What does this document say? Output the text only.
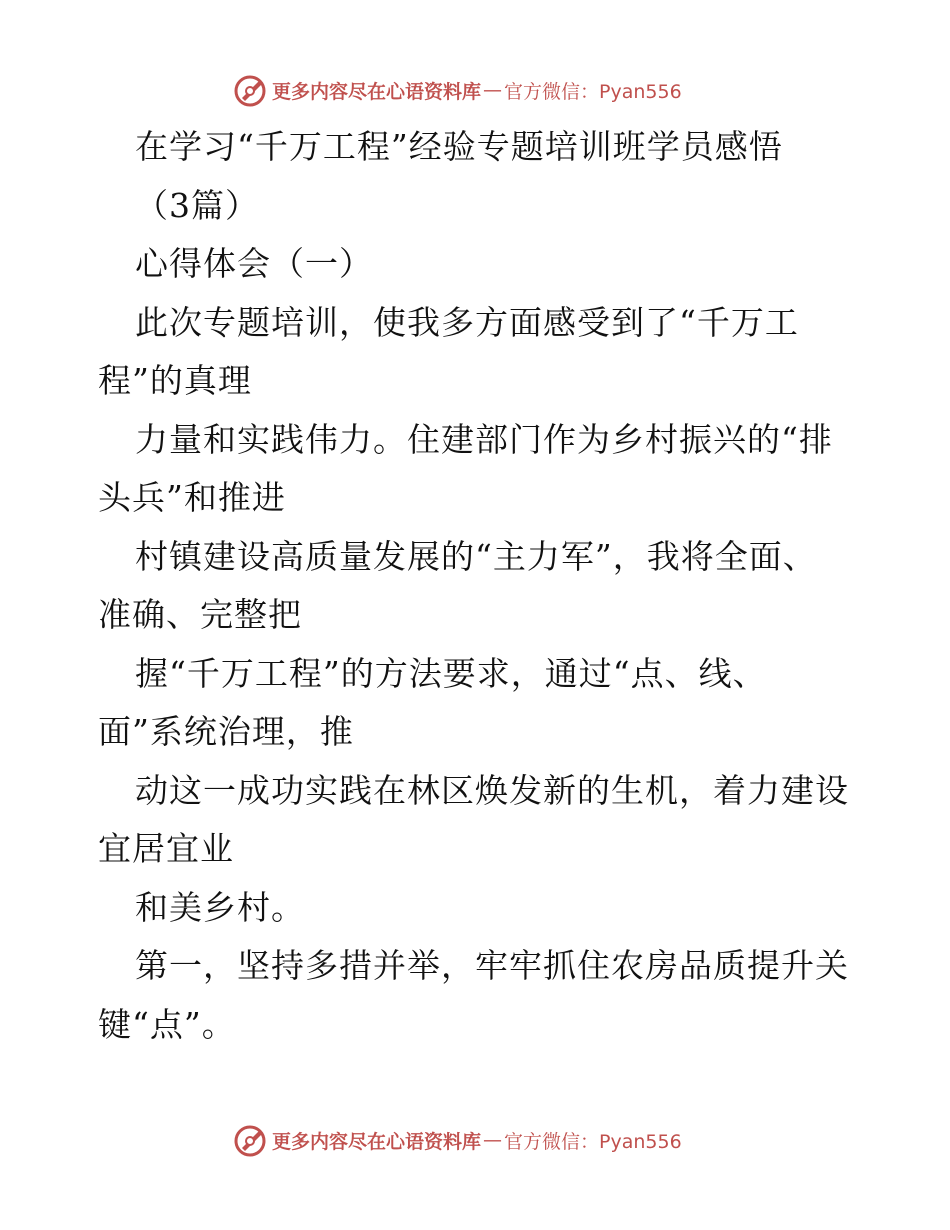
更多内容尽在心语资料库 — 官方微信：Pyan556
在学习“千万工程”经验专题培训班学员感悟
（3篇）
心得体会（一）
此次专题培训，使我多方面感受到了“千万工
程”的真理
力量和实践伟力。住建部门作为乡村振兴的“排
头兵”和推进
村镇建设高质量发展的“主力军”，我将全面、
准确、完整把
握“千万工程”的方法要求，通过“点、线、
面”系统治理，推
动这一成功实践在林区焕发新的生机，着力建设
宜居宜业
和美乡村。
第一，坚持多措并举，牢牢抓住农房品质提升关
键“点”。
更多内容尽在心语资料库 — 官方微信：Pyan556
